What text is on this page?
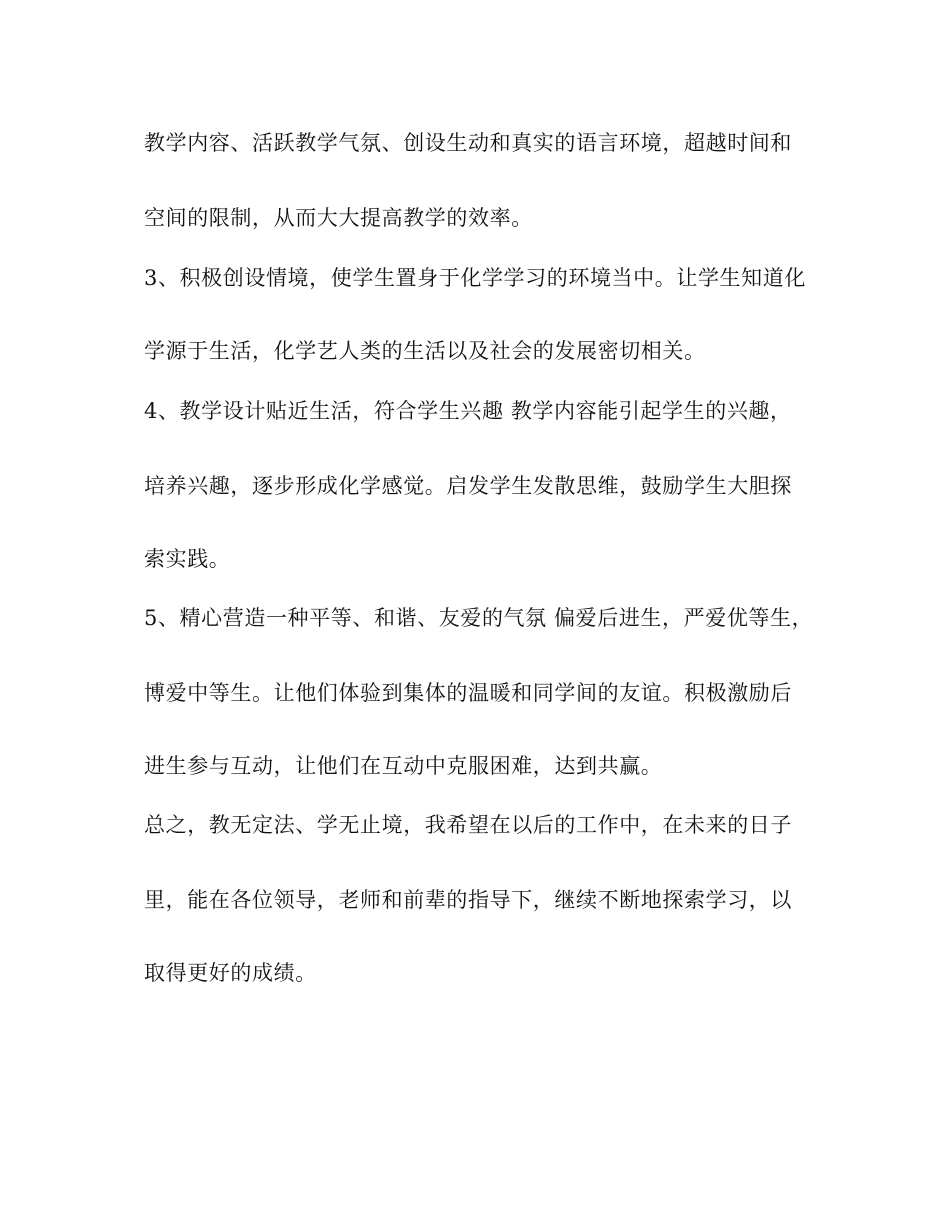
教学内容、活跃教学气氛、创设生动和真实的语言环境，超越时间和
空间的限制，从而大大提高教学的效率。
3、积极创设情境，使学生置身于化学学习的环境当中。让学生知道化
学源于生活，化学艺人类的生活以及社会的发展密切相关。
4、教学设计贴近生活，符合学生兴趣 教学内容能引起学生的兴趣，
培养兴趣，逐步形成化学感觉。启发学生发散思维，鼓励学生大胆探
索实践。
5、精心营造一种平等、和谐、友爱的气氛 偏爱后进生，严爱优等生，
博爱中等生。让他们体验到集体的温暖和同学间的友谊。积极激励后
进生参与互动，让他们在互动中克服困难，达到共赢。
总之，教无定法、学无止境，我希望在以后的工作中，在未来的日子
里，能在各位领导，老师和前辈的指导下，继续不断地探索学习，以
取得更好的成绩。
